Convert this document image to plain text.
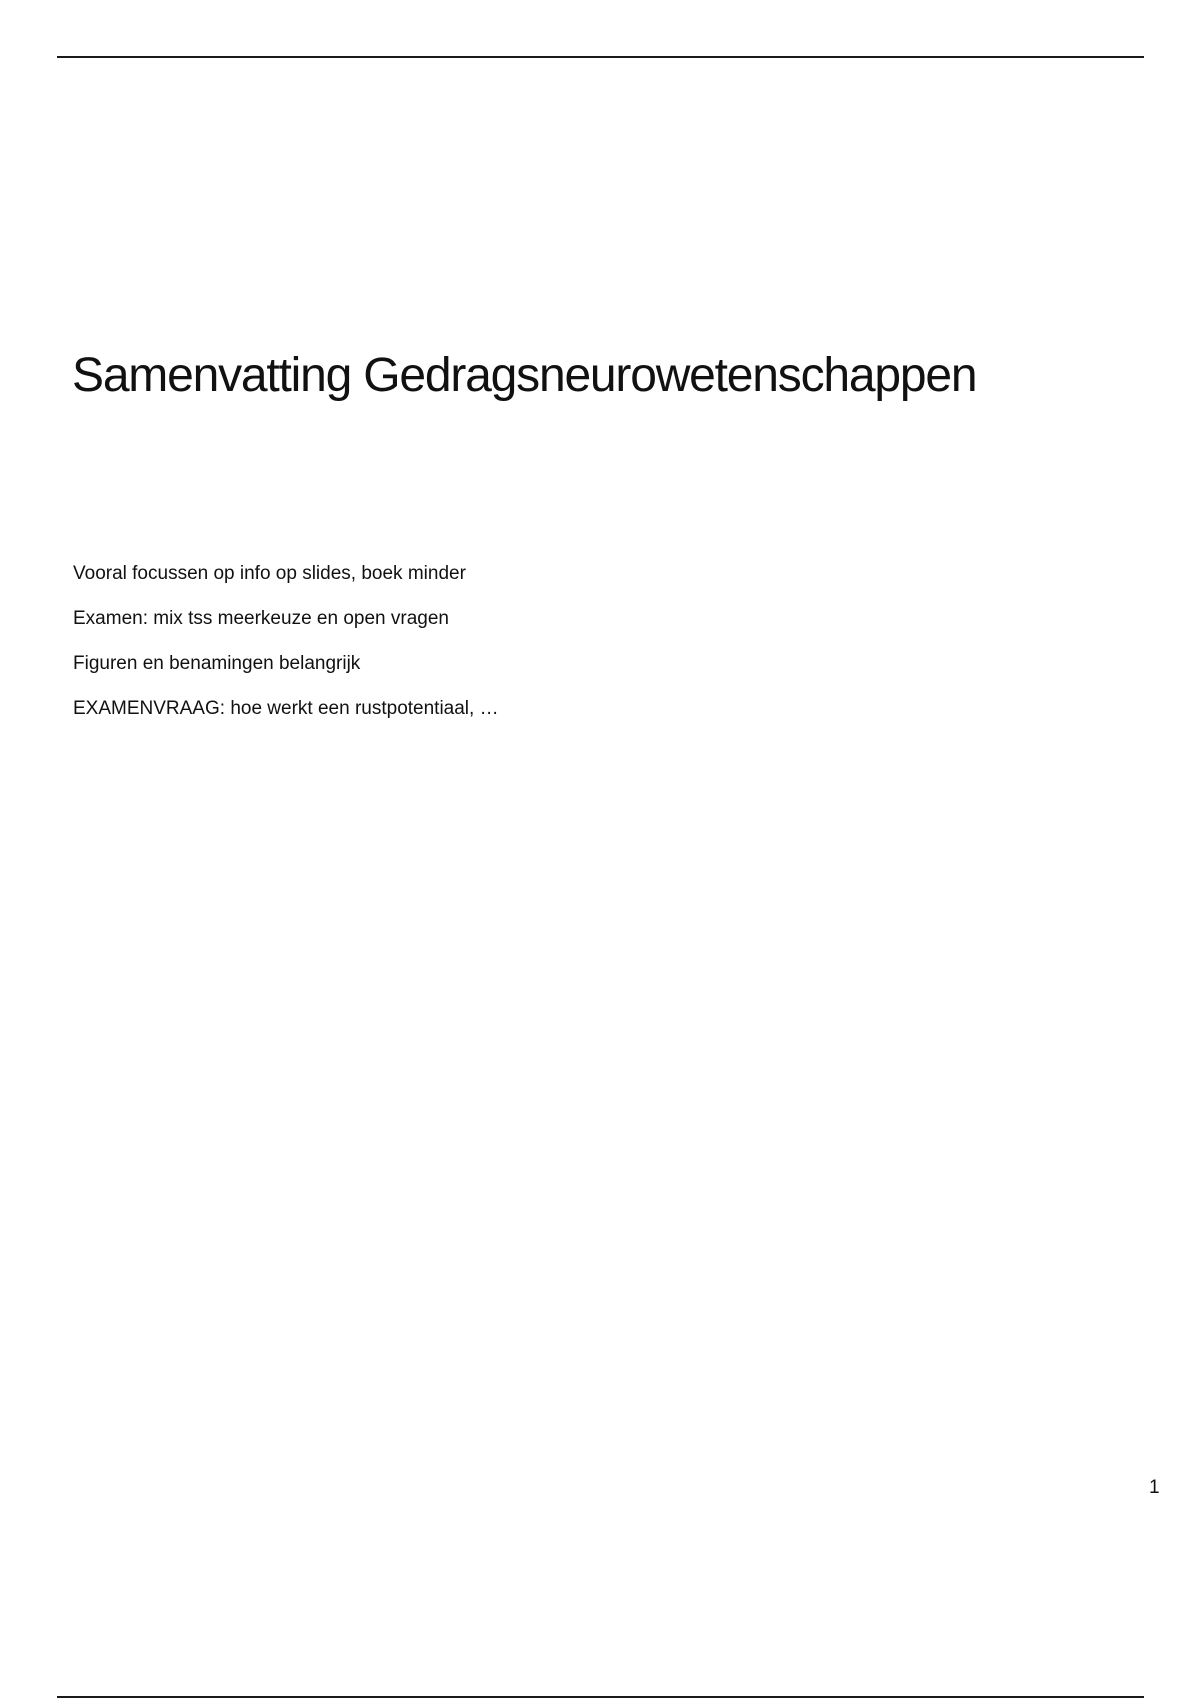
Samenvatting Gedragsneurowetenschappen
Vooral focussen op info op slides, boek minder
Examen: mix tss meerkeuze en open vragen
Figuren en benamingen belangrijk
EXAMENVRAAG: hoe werkt een rustpotentiaal, …
1
